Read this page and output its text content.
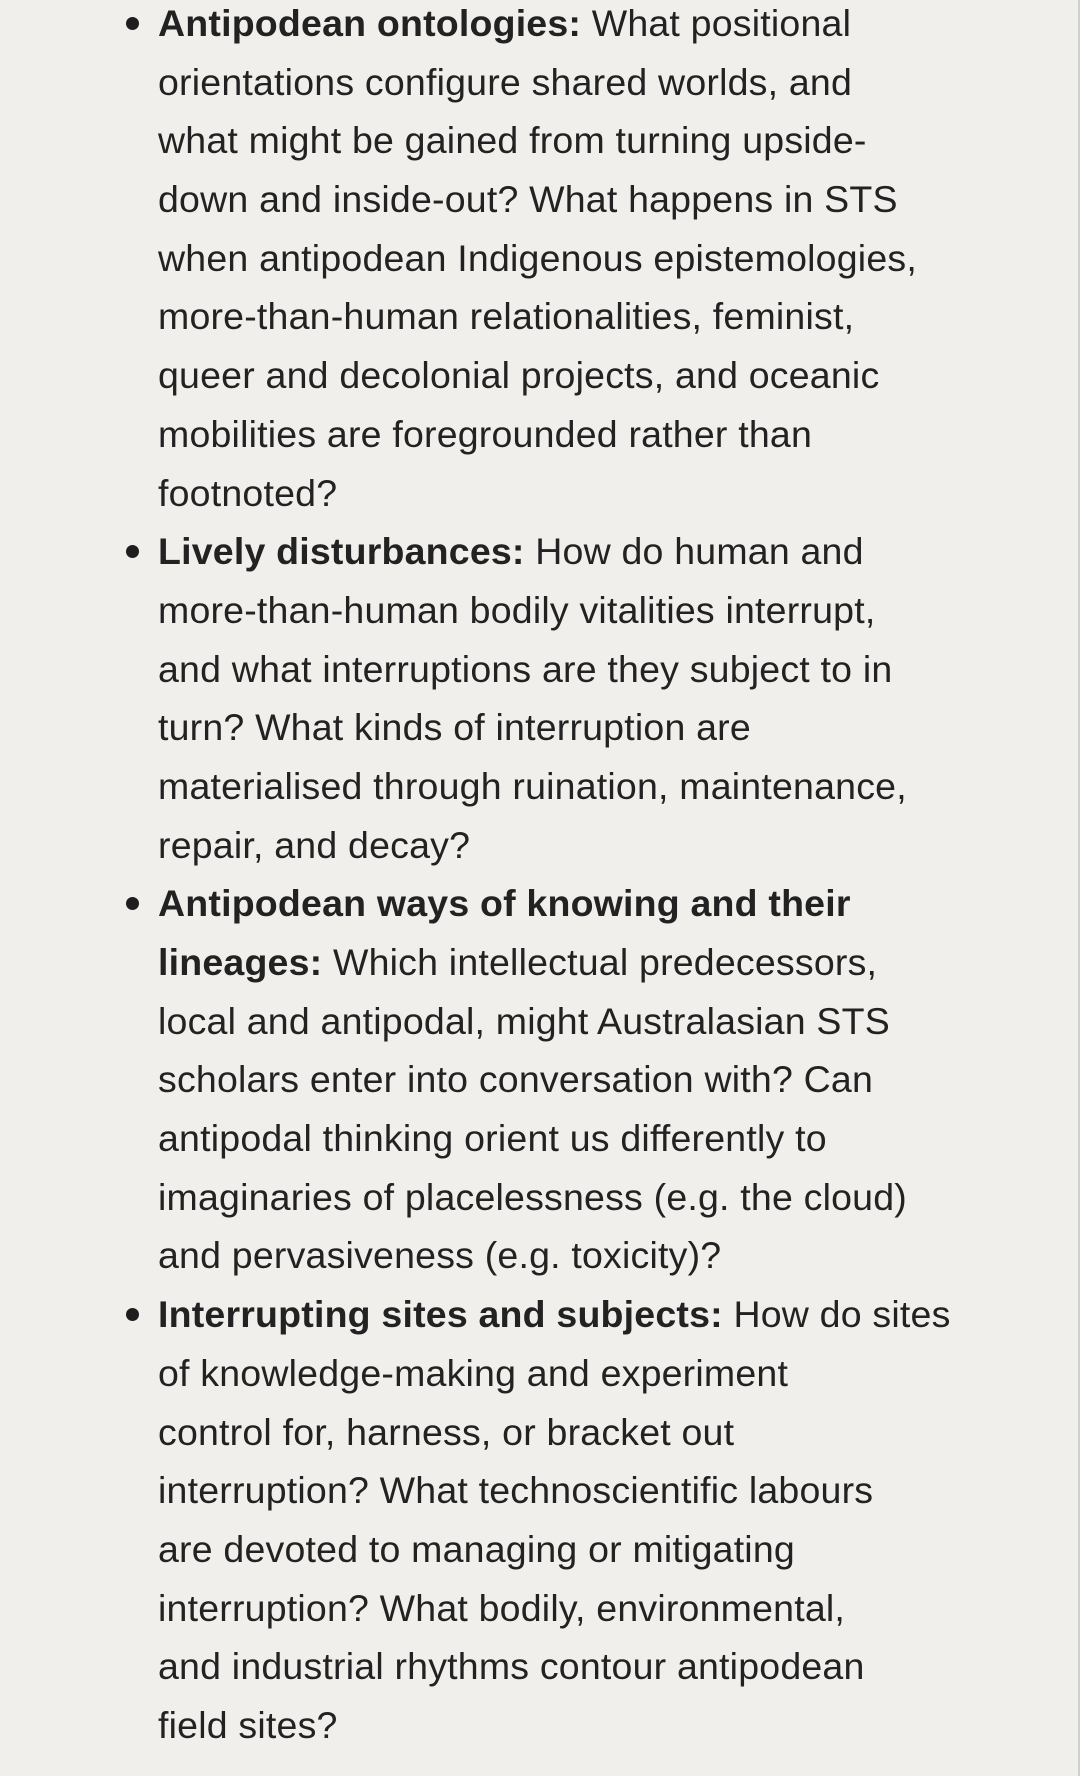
Antipodean ontologies: What positional
orientations configure shared worlds, and
what might be gained from turning upside-
down and inside-out? What happens in STS
when antipodean Indigenous epistemologies,
more-than-human relationalities, feminist,
queer and decolonial projects, and oceanic
mobilities are foregrounded rather than
footnoted?
Lively disturbances: How do human and
more-than-human bodily vitalities interrupt,
and what interruptions are they subject to in
turn? What kinds of interruption are
materialised through ruination, maintenance,
repair, and decay?
Antipodean ways of knowing and their
lineages: Which intellectual predecessors,
local and antipodal, might Australasian STS
scholars enter into conversation with? Can
antipodal thinking orient us differently to
imaginaries of placelessness (e.g. the cloud)
and pervasiveness (e.g. toxicity)?
Interrupting sites and subjects: How do sites
of knowledge-making and experiment
control for, harness, or bracket out
interruption? What technoscientific labours
are devoted to managing or mitigating
interruption? What bodily, environmental,
and industrial rhythms contour antipodean
field sites?
